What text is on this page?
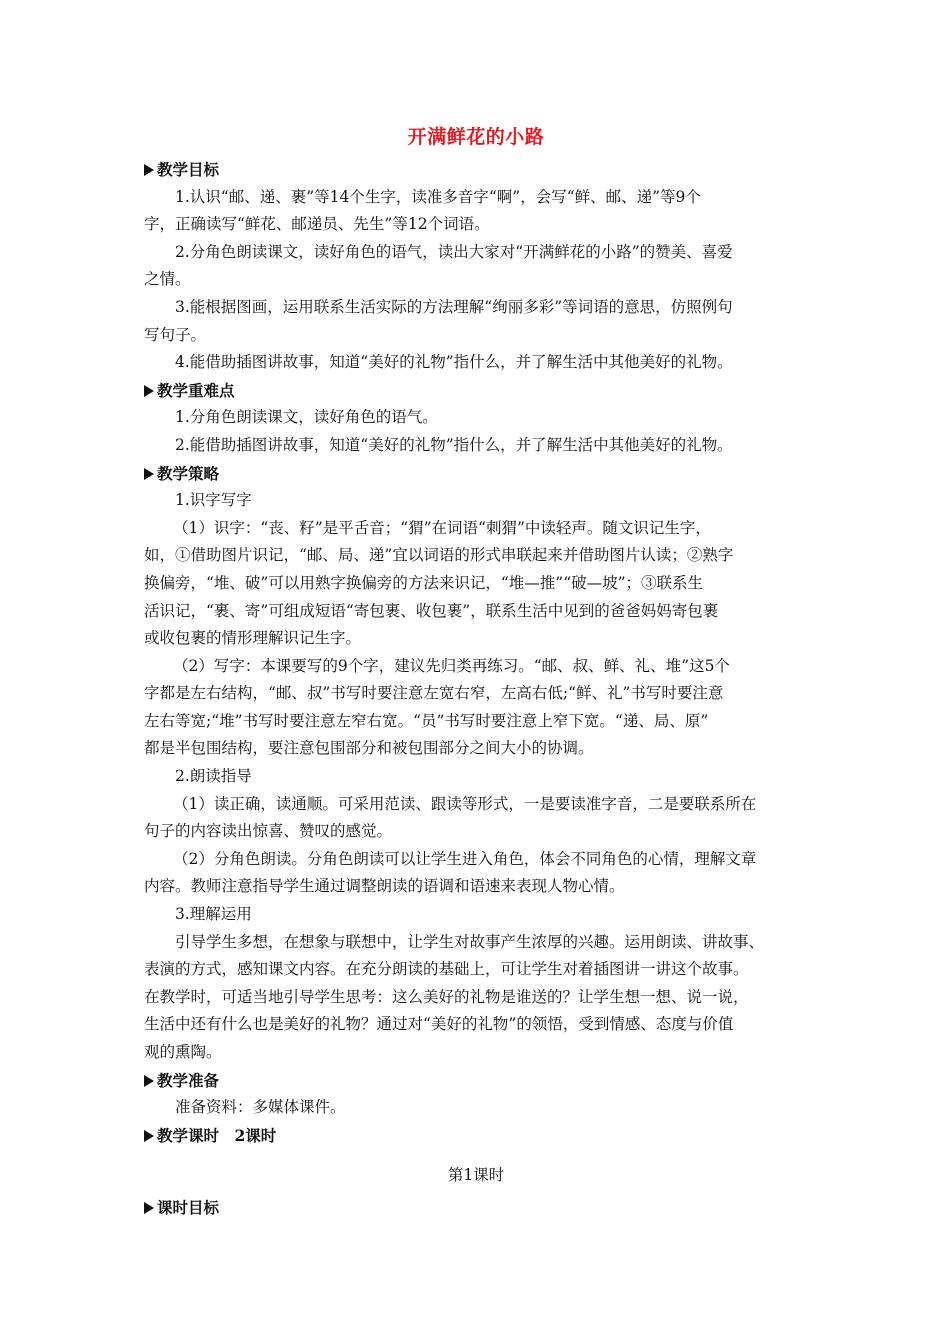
开满鲜花的小路

教学目标

1.认识“邮、递、裹”等14个生字，读准多音字“啊”，会写“鲜、邮、递”等9个

字，正确读写“鲜花、邮递员、先生”等12个词语。

2.分角色朗读课文，读好角色的语气，读出大家对“开满鲜花的小路”的赞美、喜爱

之情。

3.能根据图画，运用联系生活实际的方法理解“绚丽多彩”等词语的意思，仿照例句

写句子。

4.能借助插图讲故事，知道“美好的礼物”指什么，并了解生活中其他美好的礼物。

教学重难点

1.分角色朗读课文，读好角色的语气。

2.能借助插图讲故事，知道“美好的礼物”指什么，并了解生活中其他美好的礼物。

教学策略

1.识字写字

（1）识字：“丧、籽”是平舌音；“猬”在词语“刺猬”中读轻声。随文识记生字，

如，①借助图片识记，“邮、局、递”宜以词语的形式串联起来并借助图片认读；②熟字

换偏旁，“堆、破”可以用熟字换偏旁的方法来识记，“堆—推”“破—坡”；③联系生

活识记，“裹、寄”可组成短语“寄包裹、收包裹”，联系生活中见到的爸爸妈妈寄包裹

或收包裹的情形理解识记生字。

（2）写字：本课要写的9个字，建议先归类再练习。“邮、叔、鲜、礼、堆”这5个

字都是左右结构，“邮、叔”书写时要注意左宽右窄，左高右低;“鲜、礼”书写时要注意

左右等宽;“堆”书写时要注意左窄右宽。“员”书写时要注意上窄下宽。“递、局、原”

都是半包围结构，要注意包围部分和被包围部分之间大小的协调。

2.朗读指导

（1）读正确，读通顺。可采用范读、跟读等形式，一是要读准字音，二是要联系所在

句子的内容读出惊喜、赞叹的感觉。

（2）分角色朗读。分角色朗读可以让学生进入角色，体会不同角色的心情，理解文章

内容。教师注意指导学生通过调整朗读的语调和语速来表现人物心情。

3.理解运用

引导学生多想，在想象与联想中，让学生对故事产生浓厚的兴趣。运用朗读、讲故事、

表演的方式，感知课文内容。在充分朗读的基础上，可让学生对着插图讲一讲这个故事。

在教学时，可适当地引导学生思考：这么美好的礼物是谁送的？让学生想一想、说一说，

生活中还有什么也是美好的礼物？通过对“美好的礼物”的领悟，受到情感、态度与价值

观的熏陶。

教学准备

准备资料：多媒体课件。

教学课时　2课时

第1课时

课时目标
